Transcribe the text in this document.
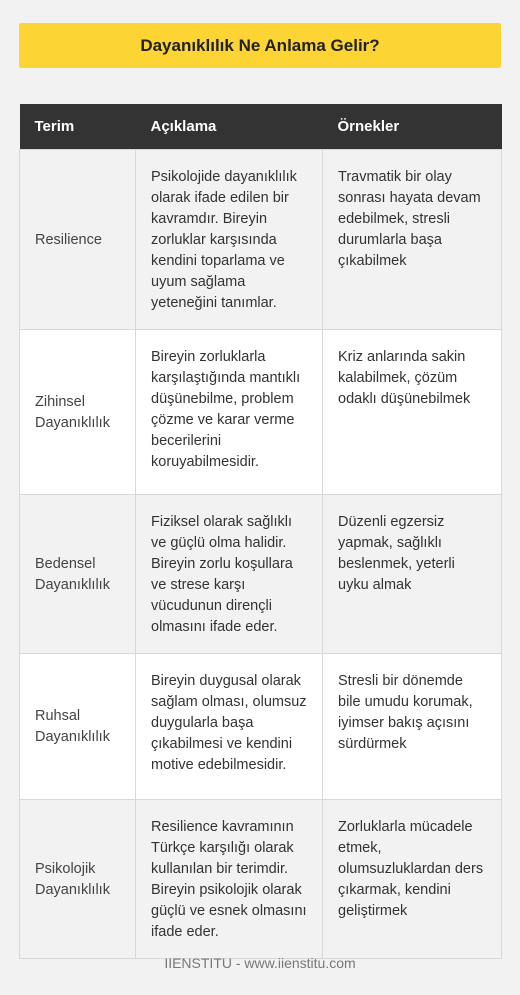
Dayanıklılık Ne Anlama Gelir?
Terim	Açıklama	Örnekler
Resilience	Psikolojide dayanıklılık olarak ifade edilen bir kavramdır. Bireyin zorluklar karşısında kendini toparlama ve uyum sağlama yeteneğini tanımlar.	Travmatik bir olay sonrası hayata devam edebilmek, stresli durumlarla başa çıkabilmek
Zihinsel Dayanıklılık	Bireyin zorluklarla karşılaştığında mantıklı düşünebilme, problem çözme ve karar verme becerilerini koruyabilmesidir.	Kriz anlarında sakin kalabilmek, çözüm odaklı düşünebilmek
Bedensel Dayanıklılık	Fiziksel olarak sağlıklı ve güçlü olma halidir. Bireyin zorlu koşullara ve strese karşı vücudunun dirençli olmasını ifade eder.	Düzenli egzersiz yapmak, sağlıklı beslenmek, yeterli uyku almak
Ruhsal Dayanıklılık	Bireyin duygusal olarak sağlam olması, olumsuz duygularla başa çıkabilmesi ve kendini motive edebilmesidir.	Stresli bir dönemde bile umudu korumak, iyimser bakış açısını sürdürmek
Psikolojik Dayanıklılık	Resilience kavramının Türkçe karşılığı olarak kullanılan bir terimdir. Bireyin psikolojik olarak güçlü ve esnek olmasını ifade eder.	Zorluklarla mücadele etmek, olumsuzluklardan ders çıkarmak, kendini geliştirmek
IIENSTITU - www.iienstitu.com
